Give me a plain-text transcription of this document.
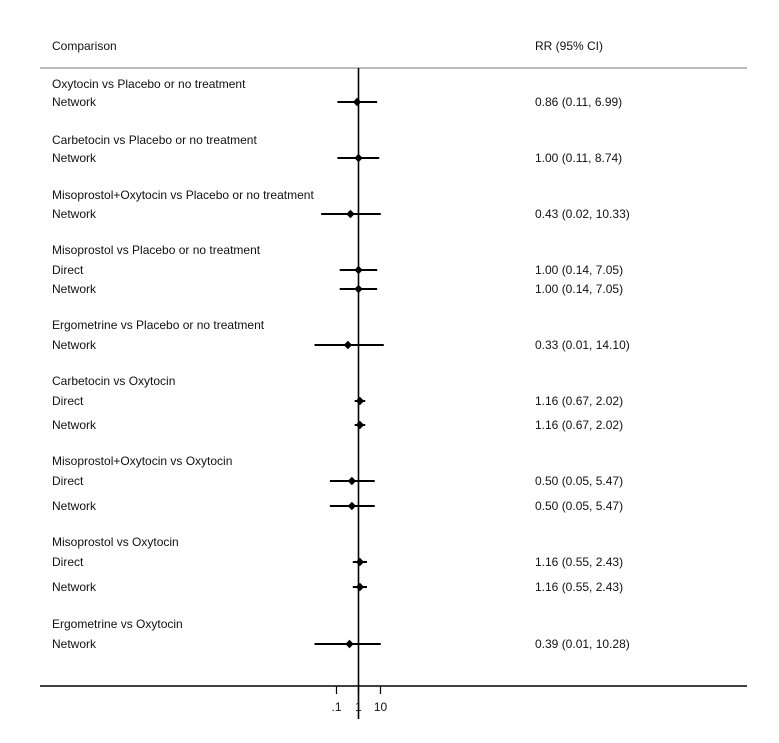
Comparison	RR (95% CI)
Oxytocin vs Placebo or no treatment
Network	0.86 (0.11, 6.99)
Carbetocin vs Placebo or no treatment
Network	1.00 (0.11, 8.74)
Misoprostol+Oxytocin vs Placebo or no treatment
Network	0.43 (0.02, 10.33)
Misoprostol vs Placebo or no treatment
Direct	1.00 (0.14, 7.05)
Network	1.00 (0.14, 7.05)
Ergometrine vs Placebo or no treatment
Network	0.33 (0.01, 14.10)
Carbetocin vs Oxytocin
Direct	1.16 (0.67, 2.02)
Network	1.16 (0.67, 2.02)
Misoprostol+Oxytocin vs Oxytocin
Direct	0.50 (0.05, 5.47)
Network	0.50 (0.05, 5.47)
Misoprostol vs Oxytocin
Direct	1.16 (0.55, 2.43)
Network	1.16 (0.55, 2.43)
Ergometrine vs Oxytocin
Network	0.39 (0.01, 10.28)
.1 1 10
